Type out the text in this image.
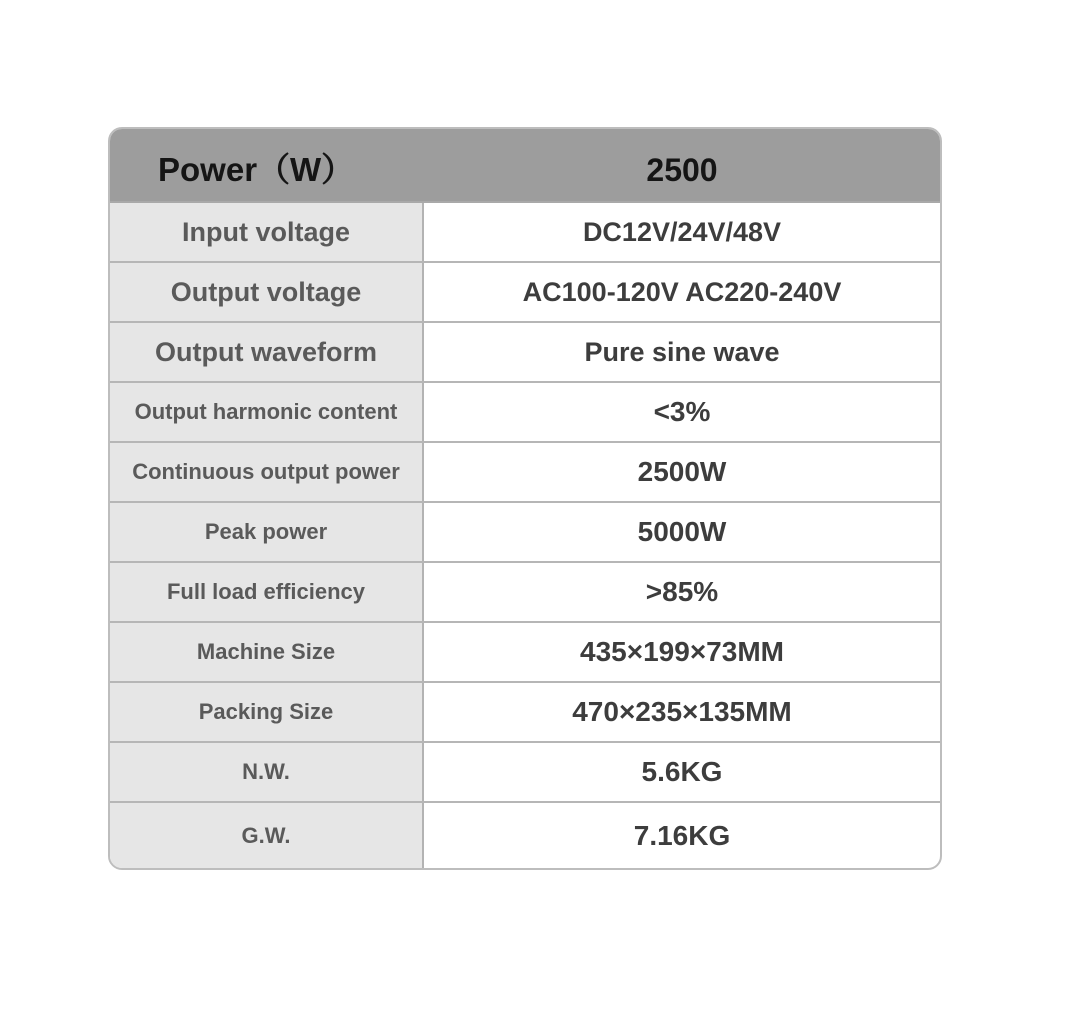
Power（W）	2500
Input voltage	DC12V/24V/48V
Output voltage	AC100-120V AC220-240V
Output waveform	Pure sine wave
Output harmonic content	<3%
Continuous output power	2500W
Peak power	5000W
Full load efficiency	>85%
Machine Size	435×199×73MM
Packing Size	470×235×135MM
N.W.	5.6KG
G.W.	7.16KG
